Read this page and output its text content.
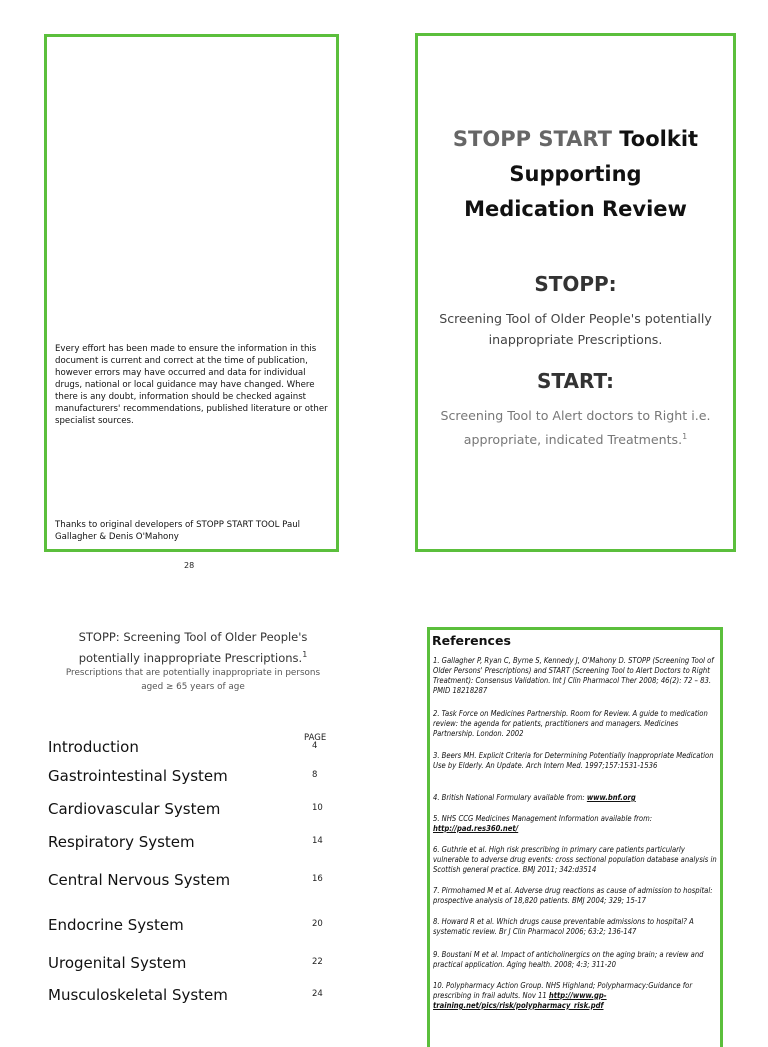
Every effort has been made to ensure the information in this document is current and correct at the time of publication, however errors may have occurred and data for individual drugs, national or local guidance may have changed. Where there is any doubt, information should be checked against manufacturers' recommendations, published literature or other specialist sources.
Thanks to original developers of STOPP START TOOL Paul Gallagher & Denis O'Mahony
28
STOPP START Toolkit
Supporting
Medication Review
STOPP:
Screening Tool of Older People's potentially inappropriate Prescriptions.
START:
Screening Tool to Alert doctors to Right i.e. appropriate, indicated Treatments.$^1$
STOPP: Screening Tool of Older People's potentially inappropriate Prescriptions.$^1$
Prescriptions that are potentially inappropriate in persons aged ≥ 65 years of age
PAGE
Introduction	4
Gastrointestinal System	8
Cardiovascular System	10
Respiratory System	14
Central Nervous System	16
Endocrine System	20
Urogenital System	22
Musculoskeletal System	24
References
1. Gallagher P, Ryan C, Byrne S, Kennedy J, O'Mahony D. STOPP (Screening Tool of Older Persons' Prescriptions) and START (Screening Tool to Alert Doctors to Right Treatment): Consensus Validation. Int J Clin Pharmacol Ther 2008; 46(2): 72 – 83. PMID 18218287
2. Task Force on Medicines Partnership. Room for Review. A guide to medication review: the agenda for patients, practitioners and managers. Medicines Partnership. London. 2002
3. Beers MH. Explicit Criteria for Determining Potentially Inappropriate Medication Use by Elderly. An Update. Arch Intern Med. 1997;157:1531-1536
4. British National Formulary available from: www.bnf.org
5. NHS CCG Medicines Management Information available from: http://pad.res360.net/
6. Guthrie et al. High risk prescribing in primary care patients particularly vulnerable to adverse drug events: cross sectional population database analysis in Scottish general practice. BMJ 2011; 342:d3514
7. Pirmohamed M et al. Adverse drug reactions as cause of admission to hospital: prospective analysis of 18,820 patients. BMJ 2004; 329; 15-17
8. Howard R et al. Which drugs cause preventable admissions to hospital? A systematic review. Br J Clin Pharmacol 2006; 63:2; 136-147
9. Boustani M et al. Impact of anticholinergics on the aging brain; a review and practical application. Aging health. 2008; 4:3; 311-20
10. Polypharmacy Action Group. NHS Highland; Polypharmacy:Guidance for prescribing in frail adults. Nov 11 http://www.gp-training.net/pics/risk/polypharmacy_risk.pdf
